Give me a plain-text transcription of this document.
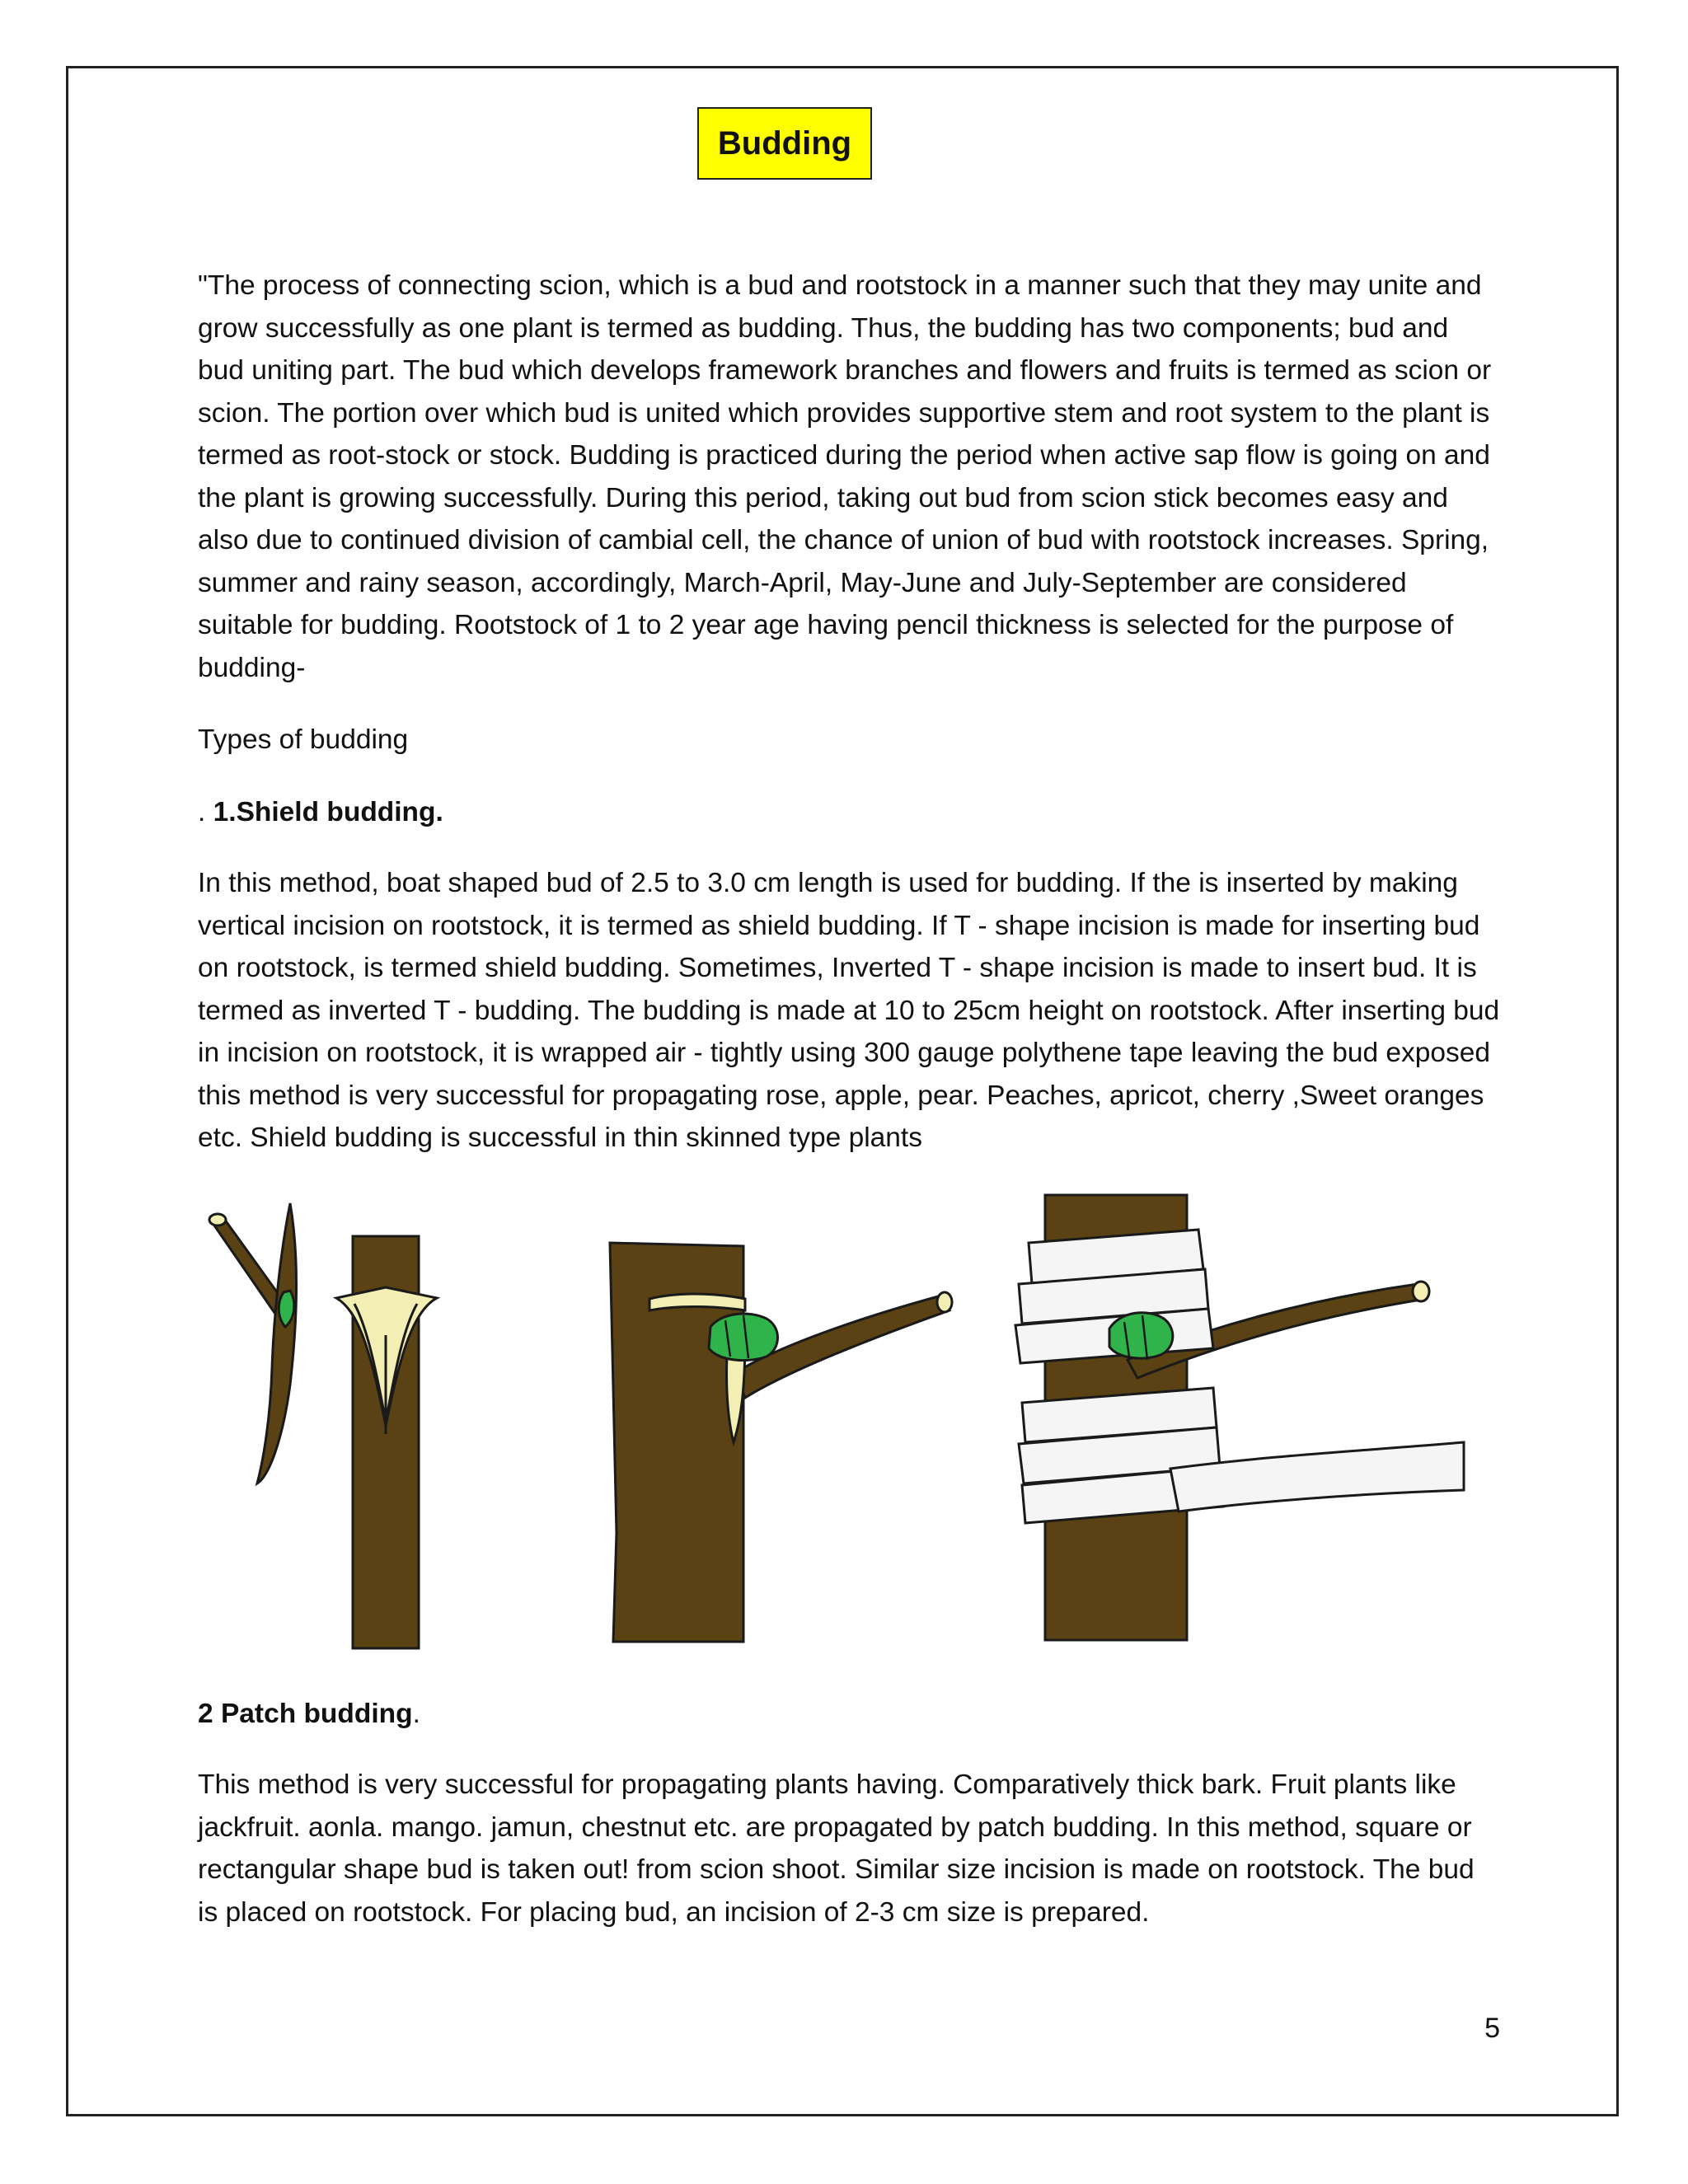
Budding
"The process of connecting scion, which is a bud and rootstock in a manner such that they may unite and grow successfully as one plant is termed as budding. Thus, the budding has two components; bud and bud uniting part. The bud which develops framework branches and flowers and fruits is termed as scion or scion. The portion over which bud is united which provides supportive stem and root system to the plant is termed as root-stock or stock. Budding is practiced during the period when active sap flow is going on and the plant is growing successfully. During this period, taking out bud from scion stick becomes easy and also due to continued division of cambial cell, the chance of union of bud with rootstock increases. Spring, summer and rainy season, accordingly, March-April, May-June and July-September are considered suitable for budding. Rootstock of 1 to 2 year age having pencil thickness is selected for the purpose of budding-
Types of budding
. 1.Shield budding.
In this method, boat shaped bud of 2.5 to 3.0 cm length is used for budding. If the is inserted by making vertical incision on rootstock, it is termed as shield budding. If T - shape incision is made for inserting bud on rootstock, is termed shield budding. Sometimes, Inverted T - shape incision is made to insert bud. It is termed as inverted T - budding. The budding is made at 10 to 25cm height on rootstock. After inserting bud in incision on rootstock, it is wrapped air - tightly using 300 gauge polythene tape leaving the bud exposed this method is very successful for propagating rose, apple, pear. Peaches, apricot, cherry ,Sweet oranges etc. Shield budding is successful in thin skinned type plants
2 Patch budding.
This method is very successful for propagating plants having. Comparatively thick bark. Fruit plants like jackfruit. aonla. mango. jamun, chestnut etc. are propagated by patch budding. In this method, square or rectangular shape bud is taken out! from scion shoot. Similar size incision is made on rootstock. The bud is placed on rootstock. For placing bud, an incision of 2-3 cm size is prepared.
5
